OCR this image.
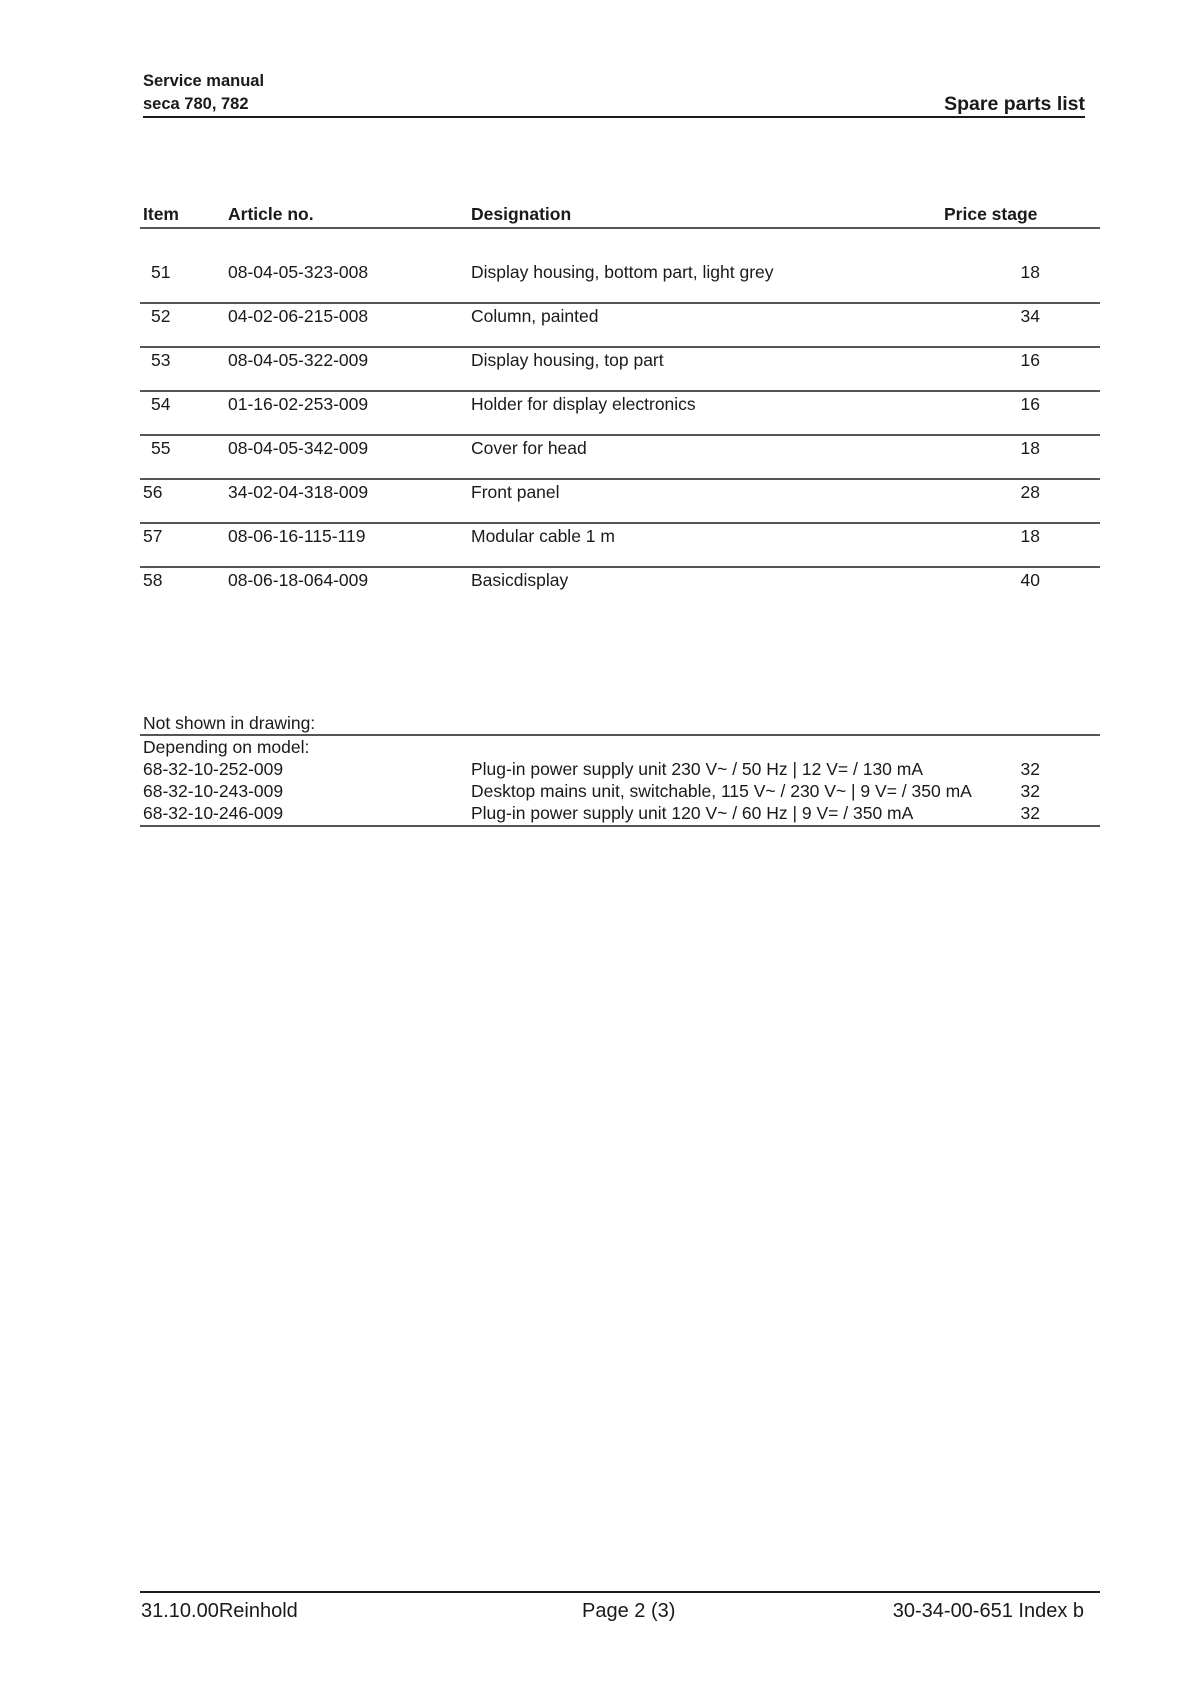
Service manual
seca 780, 782	Spare parts list
Item	Article no.	Designation	Price stage
51	08-04-05-323-008	Display housing, bottom part, light grey	18
52	04-02-06-215-008	Column, painted	34
53	08-04-05-322-009	Display housing, top part	16
54	01-16-02-253-009	Holder for display electronics	16
55	08-04-05-342-009	Cover for head	18
56	34-02-04-318-009	Front panel	28
57	08-06-16-115-119	Modular cable 1 m	18
58	08-06-18-064-009	Basicdisplay	40
Not shown in drawing:
Depending on model:
68-32-10-252-009	Plug-in power supply unit 230 V~ / 50 Hz | 12 V= / 130 mA	32
68-32-10-243-009	Desktop mains unit, switchable, 115 V~ / 230 V~ | 9 V= / 350 mA	32
68-32-10-246-009	Plug-in power supply unit 120 V~ / 60 Hz | 9 V= / 350 mA	32
31.10.00Reinhold	Page 2 (3)	30-34-00-651 Index b
